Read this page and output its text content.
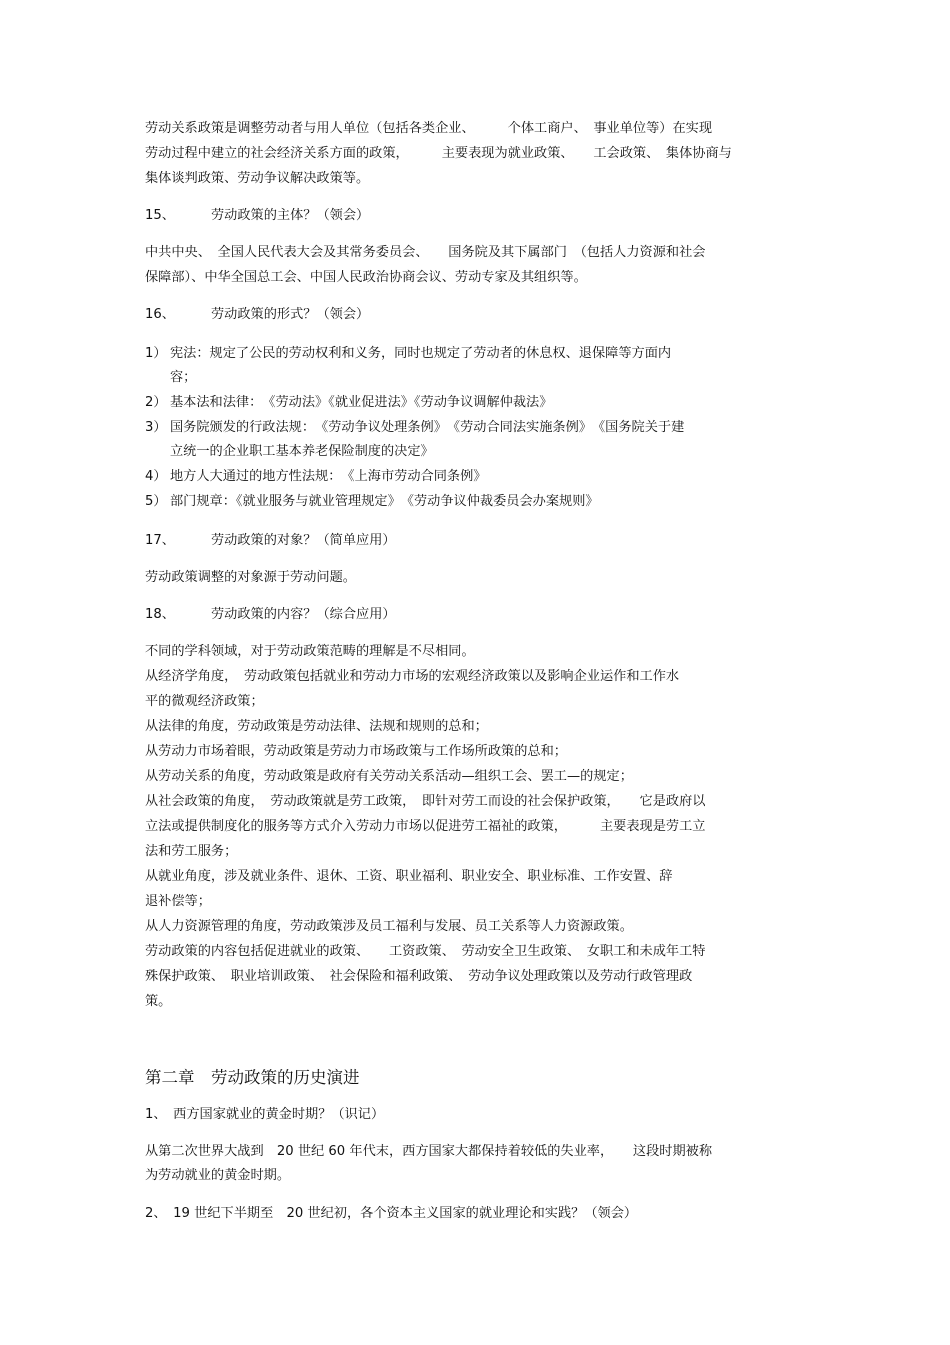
劳动关系政策是调整劳动者与用人单位（包括各类企业、　　　个体工商户、　事业单位等）在实现
劳动过程中建立的社会经济关系方面的政策，　　　主要表现为就业政策、　　工会政策、　集体协商与
集体谈判政策、劳动争议解决政策等。
15、	劳动政策的主体？（领会）
中共中央、　全国人民代表大会及其常务委员会、　　国务院及其下属部门　（包括人力资源和社会
保障部）、中华全国总工会、中国人民政治协商会议、劳动专家及其组织等。
16、	劳动政策的形式？（领会）
1） 宪法：规定了公民的劳动权利和义务，同时也规定了劳动者的休息权、退保障等方面内
容；
2） 基本法和法律：　《劳动法》《就业促进法》《劳动争议调解仲裁法》
3） 国务院颁发的行政法规：　《劳动争议处理条例》　《劳动合同法实施条例》　《国务院关于建
立统一的企业职工基本养老保险制度的决定》
4） 地方人大通过的地方性法规：　《上海市劳动合同条例》
5） 部门规章：《就业服务与就业管理规定》　《劳动争议仲裁委员会办案规则》
17、	劳动政策的对象？（简单应用）
劳动政策调整的对象源于劳动问题。
18、	劳动政策的内容？（综合应用）
不同的学科领域，对于劳动政策范畴的理解是不尽相同。
从经济学角度，　劳动政策包括就业和劳动力市场的宏观经济政策以及影响企业运作和工作水
平的微观经济政策；
从法律的角度，劳动政策是劳动法律、法规和规则的总和；
从劳动力市场着眼，劳动政策是劳动力市场政策与工作场所政策的总和；
从劳动关系的角度，劳动政策是政府有关劳动关系活动—组织工会、罢工—的规定；
从社会政策的角度，　劳动政策就是劳工政策，　即针对劳工而设的社会保护政策，　　它是政府以
立法或提供制度化的服务等方式介入劳动力市场以促进劳工福祉的政策，　　　主要表现是劳工立
法和劳工服务；
从就业角度，涉及就业条件、退休、工资、职业福利、职业安全、职业标准、工作安置、辞
退补偿等；
从人力资源管理的角度，劳动政策涉及员工福利与发展、员工关系等人力资源政策。
劳动政策的内容包括促进就业的政策、　　工资政策、　劳动安全卫生政策、　女职工和未成年工特
殊保护政策、　职业培训政策、　社会保险和福利政策、　劳动争议处理政策以及劳动行政管理政
策。
第二章　劳动政策的历史演进
1、　西方国家就业的黄金时期？（识记）
从第二次世界大战到　20 世纪 60 年代末，西方国家大都保持着较低的失业率，　　这段时期被称
为劳动就业的黄金时期。
2、　19 世纪下半期至　20 世纪初，各个资本主义国家的就业理论和实践？（领会）
